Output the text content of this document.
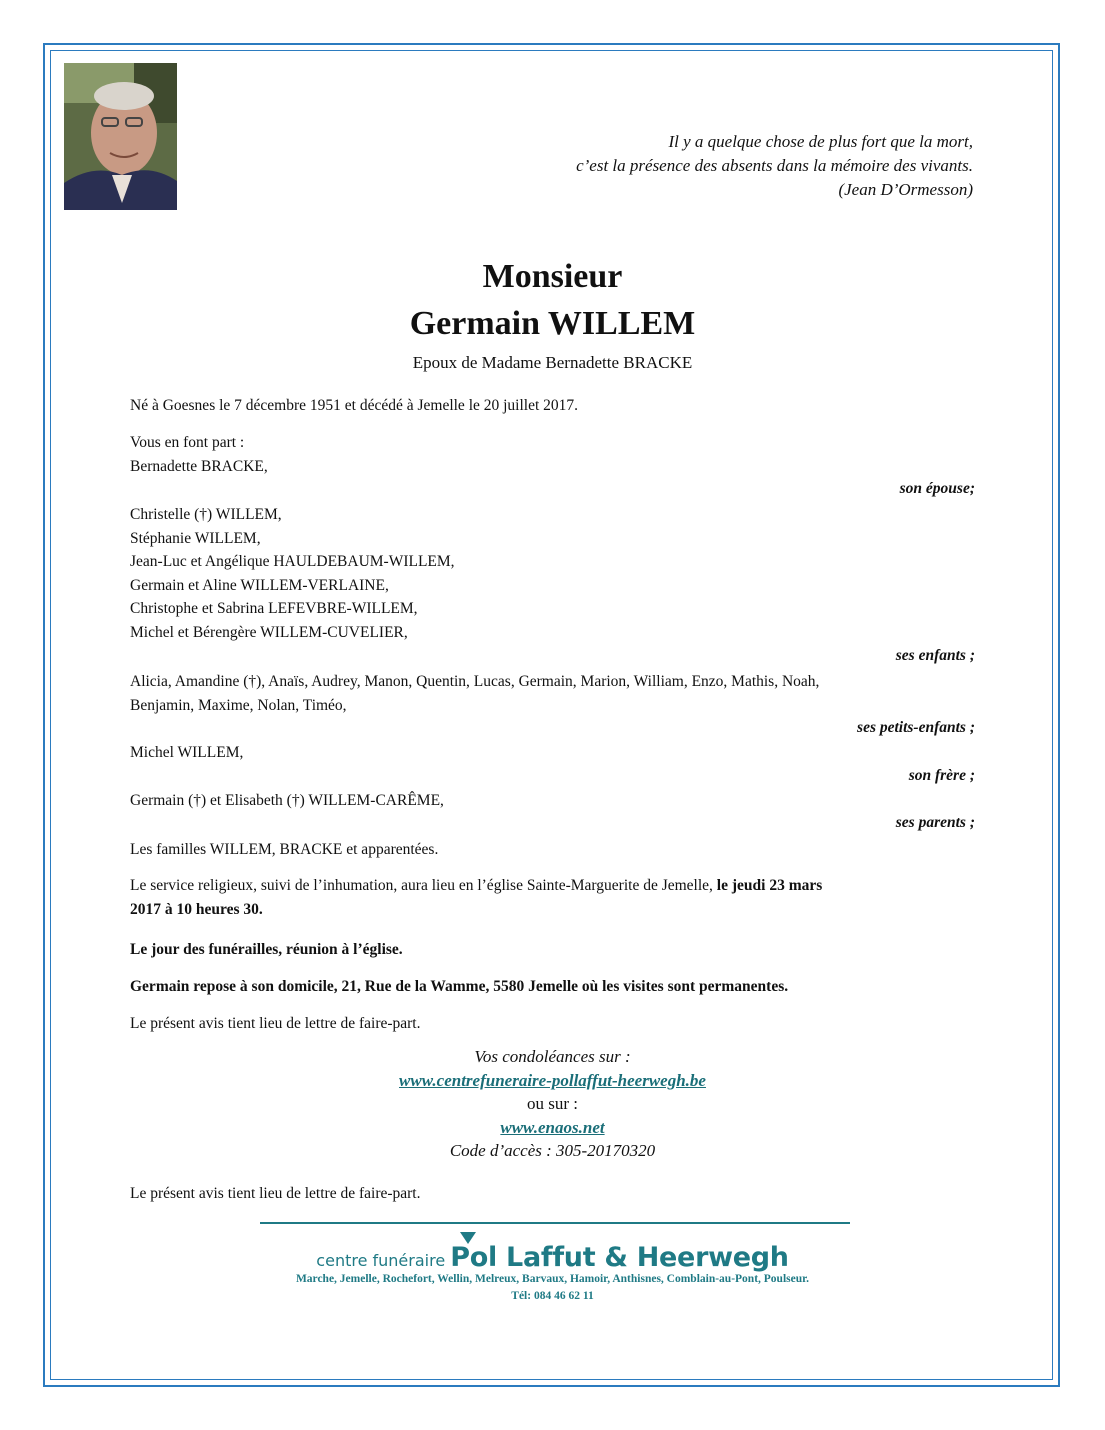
Il y a quelque chose de plus fort que la mort,
c’est la présence des absents dans la mémoire des vivants.
(Jean D’Ormesson)
Monsieur
Germain WILLEM
Epoux de Madame Bernadette BRACKE
Né à Goesnes le 7 décembre 1951 et décédé à Jemelle le 20 juillet 2017.
Vous en font part :
Bernadette BRACKE,
son épouse;
Christelle (†) WILLEM,
Stéphanie WILLEM,
Jean-Luc et Angélique HAULDEBAUM-WILLEM,
Germain et Aline WILLEM-VERLAINE,
Christophe et Sabrina LEFEVBRE-WILLEM,
Michel et Bérengère WILLEM-CUVELIER,
ses enfants ;
Alicia, Amandine (†), Anaïs, Audrey, Manon, Quentin, Lucas, Germain, Marion, William, Enzo, Mathis, Noah,
Benjamin, Maxime, Nolan, Timéo,
ses petits-enfants ;
Michel WILLEM,
son frère ;
Germain (†) et Elisabeth (†) WILLEM-CARÊME,
ses parents ;
Les familles WILLEM, BRACKE et apparentées.
Le service religieux, suivi de l’inhumation, aura lieu en l’église Sainte-Marguerite de Jemelle, le jeudi 23 mars
2017 à 10 heures 30.
Le jour des funérailles, réunion à l’église.
Germain repose à son domicile, 21, Rue de la Wamme, 5580 Jemelle où les visites sont permanentes.
Le présent avis tient lieu de lettre de faire-part.
Vos condoléances sur :
www.centrefuneraire-pollaffut-heerwegh.be
ou sur :
www.enaos.net
Code d’accès : 305-20170320
Le présent avis tient lieu de lettre de faire-part.
centre funéraire Pol Laffut & Heerwegh
Marche, Jemelle, Rochefort, Wellin, Melreux, Barvaux, Hamoir, Anthisnes, Comblain-au-Pont, Poulseur.
Tél: 084 46 62 11
